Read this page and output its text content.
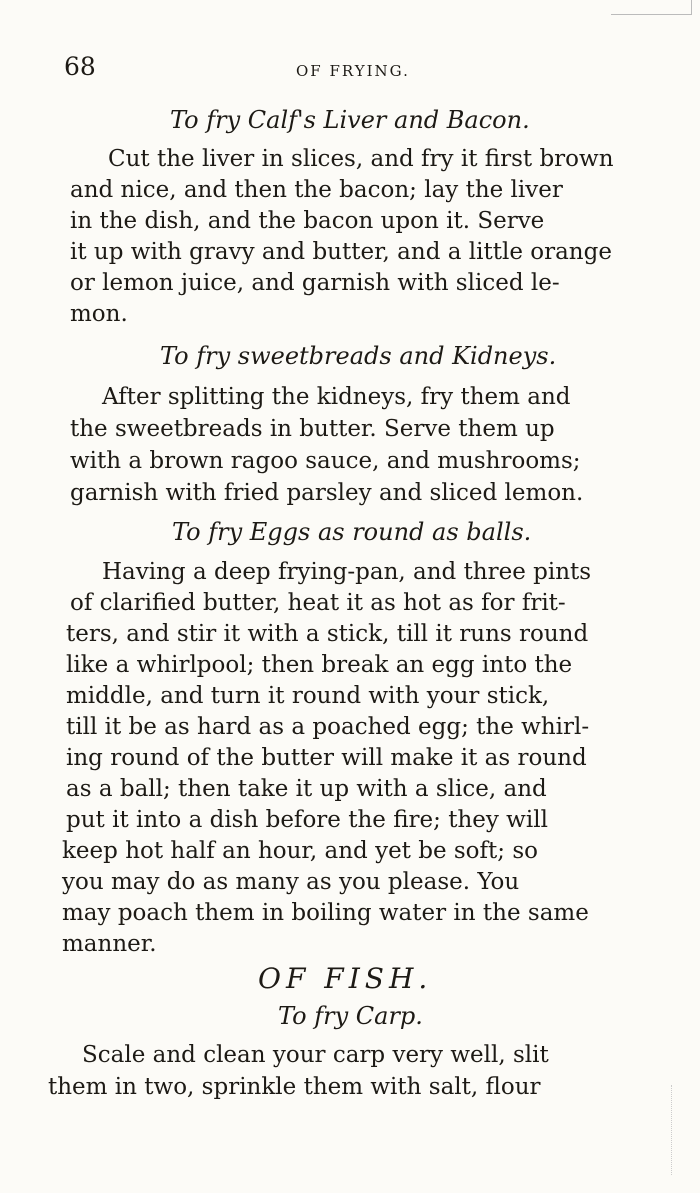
68	OF FRYING.
To fry Calf's Liver and Bacon.
Cut the liver in slices, and fry it first brown
and nice, and then the bacon; lay the liver
in the dish, and the bacon upon it. Serve
it up with gravy and butter, and a little orange
or lemon juice, and garnish with sliced le-
mon.
To fry sweetbreads and Kidneys.
After splitting the kidneys, fry them and
the sweetbreads in butter. Serve them up
with a brown ragoo sauce, and mushrooms;
garnish with fried parsley and sliced lemon.
To fry Eggs as round as balls.
Having a deep frying-pan, and three pints
of clarified butter, heat it as hot as for frit-
ters, and stir it with a stick, till it runs round
like a whirlpool; then break an egg into the
middle, and turn it round with your stick,
till it be as hard as a poached egg; the whirl-
ing round of the butter will make it as round
as a ball; then take it up with a slice, and
put it into a dish before the fire; they will
keep hot half an hour, and yet be soft; so
you may do as many as you please. You
may poach them in boiling water in the same
manner.
OF FISH.
To fry Carp.
Scale and clean your carp very well, slit
them in two, sprinkle them with salt, flour
